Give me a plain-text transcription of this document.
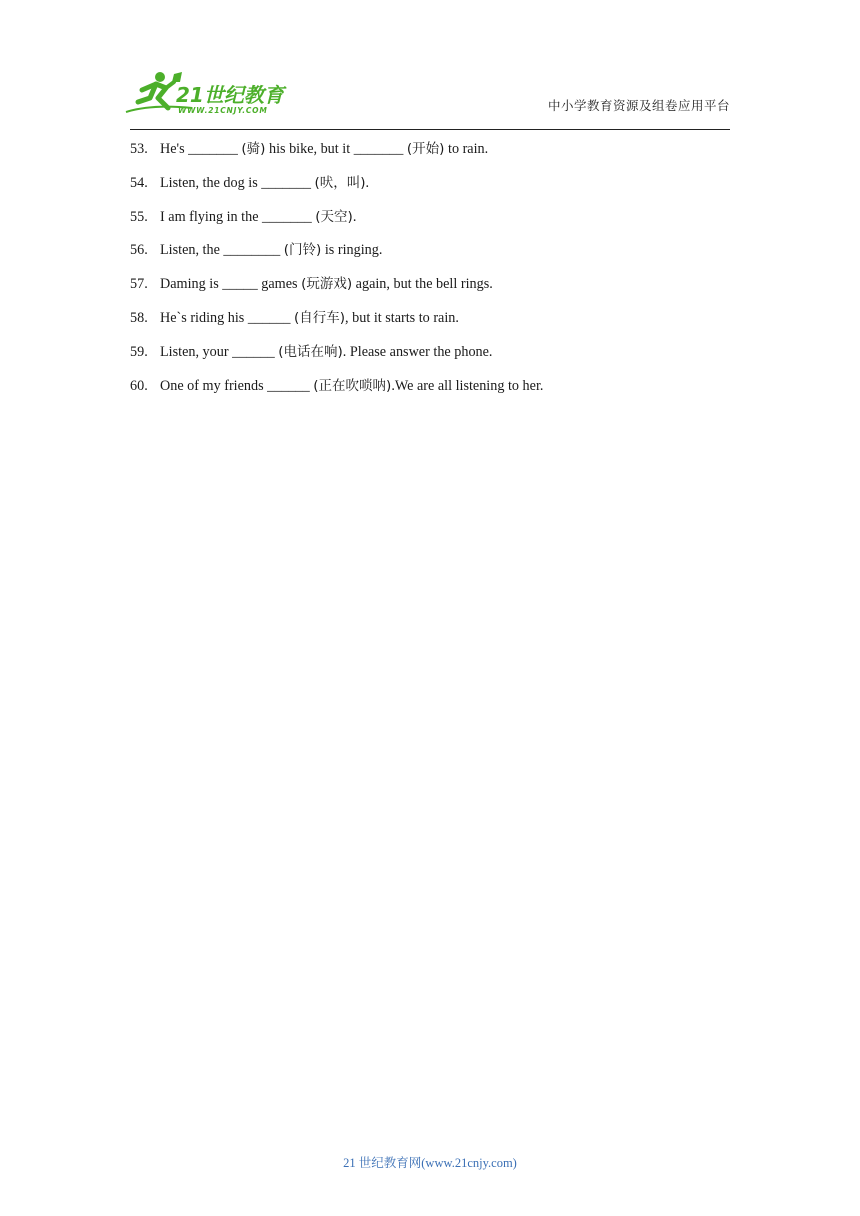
21世纪教育
WWW.21CNJY.COM	中小学教育资源及组卷应用平台
53. He's _______ (骑) his bike, but it _______ (开始) to rain.
54. Listen, the dog is _______ (吠，叫).
55. I am flying in the _______ (天空).
56. Listen, the ________ (门铃) is ringing.
57. Daming is _____ games (玩游戏) again, but the bell rings.
58. He`s riding his ______ (自行车), but it starts to rain.
59. Listen, your ______ (电话在响). Please answer the phone.
60. One of my friends ______ (正在吹唢呐).We are all listening to her.
21 世纪教育网(www.21cnjy.com)
